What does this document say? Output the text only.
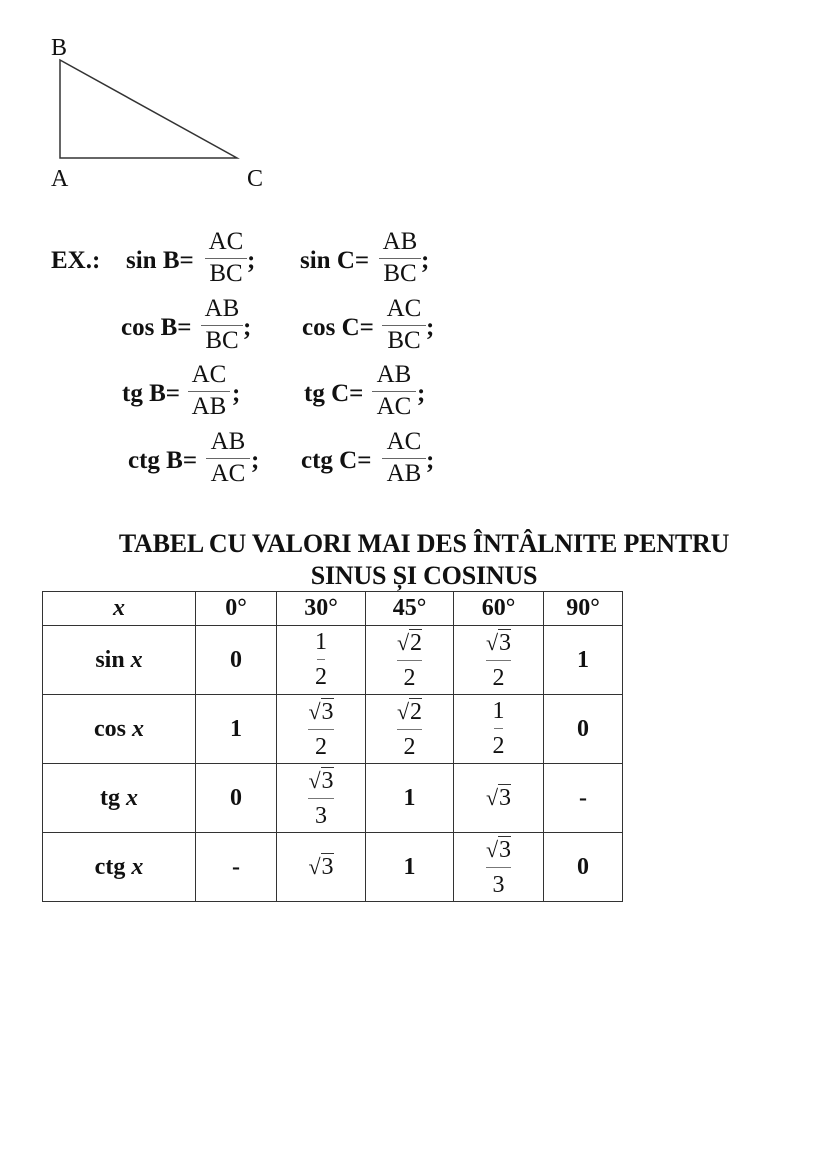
B
A	C
EX.: sin B=
AC
BC ; sin C=
AB
BC ;
cos B=
AB
BC ; cos C=
AC
BC ;
tg B=
AC
AB ;	tg C=
AB
AC ;
ctg B=
AB
AC ; ctg C=
AC
AB ;
TABEL CU VALORI MAI DES ÎNTÂLNITE PENTRU
SINUS ȘI COSINUS
x	0°	30°	45°	60°	90°
sin x	0	$\frac{1}{2}$	$\frac{√2}{2}$	$\frac{√3}{2}$	1
cos x	1	$\frac{√3}{2}$	$\frac{√2}{2}$	$\frac{1}{2}$	0
tg x	0	$\frac{√3}{3}$	1	√3	-
ctg x	-	√3	1	$\frac{√3}{3}$	0
